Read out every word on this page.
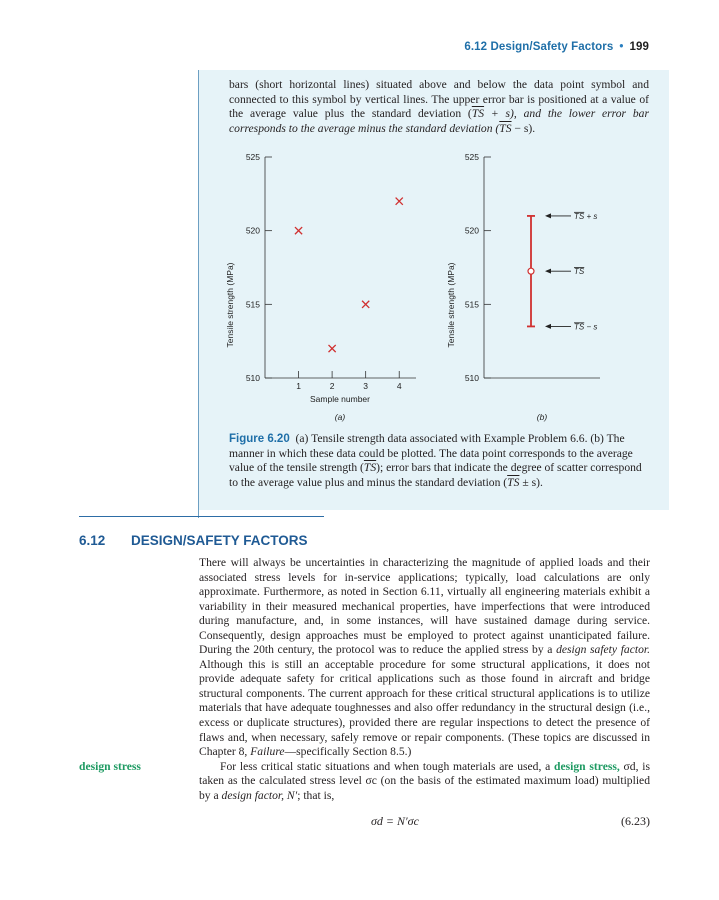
6.12 Design/Safety Factors • 199
bars (short horizontal lines) situated above and below the data point symbol and connected to this symbol by vertical lines. The upper error bar is positioned at a value of the average value plus the standard deviation $(\overline{TS} + s)$, and the lower error bar corresponds to the average minus the standard deviation $(\overline{TS} - s)$.
Tensile strength (MPa)
510
515
520
525
1	2	3	4
Sample number
(a)
Tensile strength (MPa)
510
515
520
525
TS + s
TS
TS − s
(b)
Figure 6.20 (a) Tensile strength data associated with Example Problem 6.6. (b) The manner in which these data could be plotted. The data point corresponds to the average value of the tensile strength $(\overline{TS})$; error bars that indicate the degree of scatter correspond to the average value plus and minus the standard deviation $(\overline{TS} \pm s)$.
6.12 DESIGN/SAFETY FACTORS

There will always be uncertainties in characterizing the magnitude of applied loads and their associated stress levels for in-service applications; typically, load calculations are only approximate. Furthermore, as noted in Section 6.11, virtually all engineering materials exhibit a variability in their measured mechanical properties, have imperfections that were introduced during manufacture, and, in some instances, will have sustained damage during service. Consequently, design approaches must be employed to protect against unanticipated failure. During the 20th century, the protocol was to reduce the applied stress by a design safety factor. Although this is still an acceptable procedure for some structural applications, it does not provide adequate safety for critical applications such as those found in aircraft and bridge structural components. The current approach for these critical structural applications is to utilize materials that have adequate toughnesses and also offer redundancy in the structural design (i.e., excess or duplicate structures), provided there are regular inspections to detect the presence of flaws and, when necessary, safely remove or repair components. (These topics are discussed in Chapter 8, Failure—specifically Section 8.5.)

For less critical static situations and when tough materials are used, a design stress, σd, is taken as the calculated stress level σc (on the basis of the estimated maximum load) multiplied by a design factor, N′; that is,

design stress
σd = N′σc	(6.23)
